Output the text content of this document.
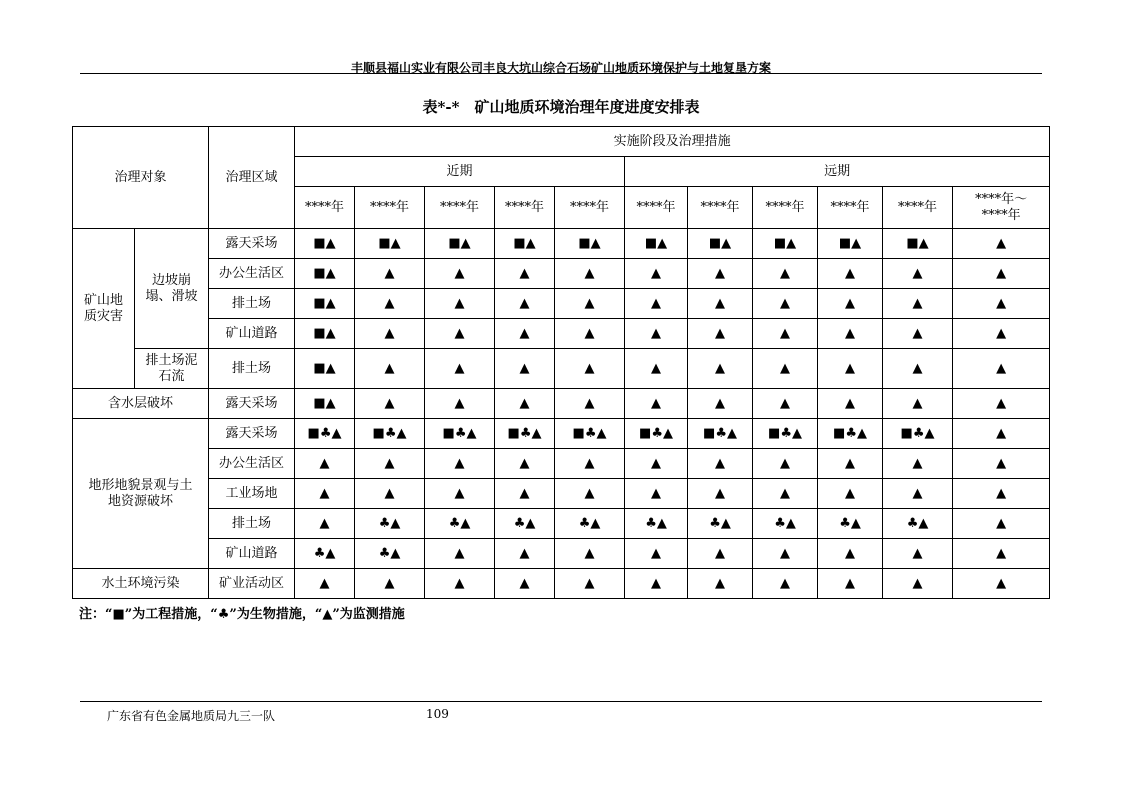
丰顺县福山实业有限公司丰良大坑山综合石场矿山地质环境保护与土地复垦方案
表*-*　矿山地质环境治理年度进度安排表
治理对象		治理区域	实施阶段及治理措施										
			近期					远期					
			****年	****年	****年	****年	****年	****年	****年	****年	****年	****年	****年～****年
矿山地质灾害	边坡崩塌、滑坡	露天采场	■▲	■▲	■▲	■▲	■▲	■▲	■▲	■▲	■▲	■▲	▲
		办公生活区	■▲	▲	▲	▲	▲	▲	▲	▲	▲	▲	▲
		排土场	■▲	▲	▲	▲	▲	▲	▲	▲	▲	▲	▲
		矿山道路	■▲	▲	▲	▲	▲	▲	▲	▲	▲	▲	▲
	排土场泥石流	排土场	■▲	▲	▲	▲	▲	▲	▲	▲	▲	▲	▲
含水层破坏		露天采场	■▲	▲	▲	▲	▲	▲	▲	▲	▲	▲	▲
地形地貌景观与土地资源破坏		露天采场	■♣▲	■♣▲	■♣▲	■♣▲	■♣▲	■♣▲	■♣▲	■♣▲	■♣▲	■♣▲	▲
		办公生活区	▲	▲	▲	▲	▲	▲	▲	▲	▲	▲	▲
		工业场地	▲	▲	▲	▲	▲	▲	▲	▲	▲	▲	▲
		排土场	▲	♣▲	♣▲	♣▲	♣▲	♣▲	♣▲	♣▲	♣▲	♣▲	▲
		矿山道路	♣▲	♣▲	▲	▲	▲	▲	▲	▲	▲	▲	▲
水土环境污染		矿业活动区	▲	▲	▲	▲	▲	▲	▲	▲	▲	▲	▲
注：“■”为工程措施，“♣”为生物措施，“▲”为监测措施
广东省有色金属地质局九三一队	109
